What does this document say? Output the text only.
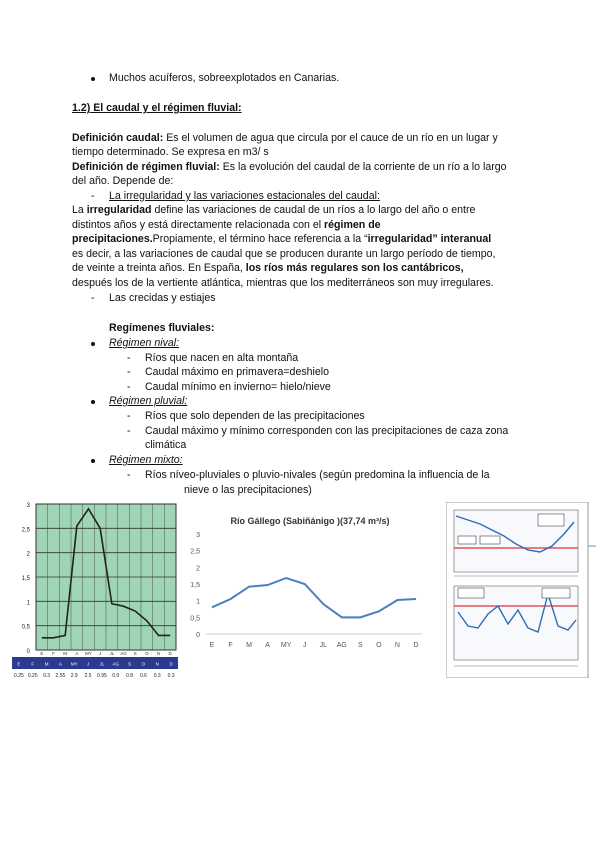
Muchos acuíferos, sobreexplotados en Canarias.
1.2) El caudal y el régimen fluvial:
Definición caudal: Es el volumen de agua que circula por el cauce de un río en un lugar y
tiempo determinado. Se expresa en m3/ s
Definición de régimen fluvial: Es la evolución del caudal de la corriente de un río a lo largo
del año. Depende de:
- La irregularidad y las variaciones estacionales del caudal:
La irregularidad define las variaciones de caudal de un ríos a lo largo del año o entre
distintos años y está directamente relacionada con el régimen de
precipitaciones.Propiamente, el término hace referencia a la “irregularidad” interanual
es decir, a las variaciones de caudal que se producen durante un largo período de tiempo,
de veinte a treinta años. En España, los ríos más regulares son los cantábricos,
después los de la vertiente atlántica, mientras que los mediterráneos son muy irregulares.
- Las crecidas y estiajes
Regímenes fluviales:
Régimen nival:
- Ríos que nacen en alta montaña
- Caudal máximo en primavera=deshielo
- Caudal mínimo en invierno= hielo/nieve
Régimen pluvial:
- Ríos que solo dependen de las precipitaciones
- Caudal máximo y mínimo corresponden con las precipitaciones de caza zona
climática
Régimen mixto:
- Ríos níveo-pluviales o pluvio-nivales (según predomina la influencia de la
nieve o las precipitaciones)
0
0,5
1
1,5
2
2,5
3
E F M A MY J JL AG S O N D
E F M A MY J JL AG S O N D
0.25 0.25 0.3 2.55 2.9 2.5 0.95 0.9 0.8 0.6 0.3 0.3
Río Gállego (Sabiñánigo )(37,74 m³/s)
0
0,5
1
1,5
2
2,5
3
E F M A MY J JL AG S O N D
